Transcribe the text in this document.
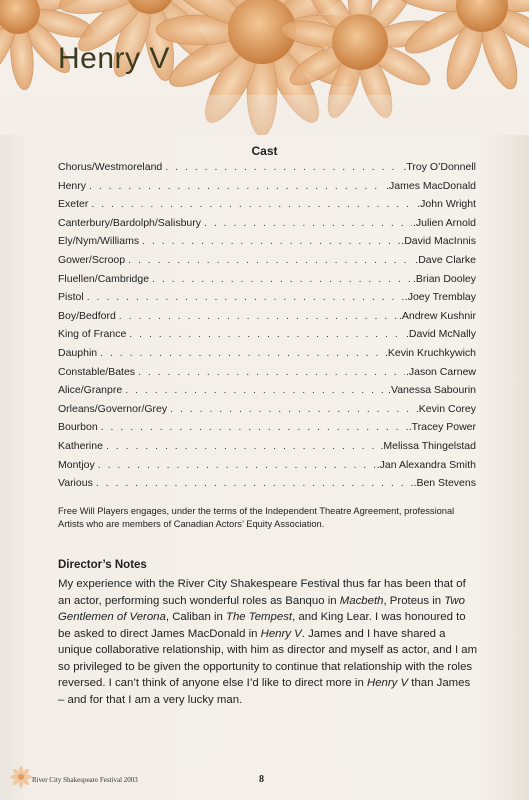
Henry V
Cast
Chorus/Westmoreland . . .	.Troy O’Donnell
Henry . . .	.James MacDonald
Exeter . . .	.John Wright
Canterbury/Bardolph/Salisbury . . .	.Julien Arnold
Ely/Nym/Williams . . .	.David MacInnis
Gower/Scroop . . .	.Dave Clarke
Fluellen/Cambridge . . .	.Brian Dooley
Pistol . . .	.Joey Tremblay
Boy/Bedford . . .	.Andrew Kushnir
King of France . . .	.David McNally
Dauphin . . .	.Kevin Kruchkywich
Constable/Bates . . .	.Jason Carnew
Alice/Granpre . . .	.Vanessa Sabourin
Orleans/Governor/Grey . . .	.Kevin Corey
Bourbon . . .	.Tracey Power
Katherine . . .	.Melissa Thingelstad
Montjoy . . .	.Jan Alexandra Smith
Various . . .	.Ben Stevens
Free Will Players engages, under the terms of the Independent Theatre Agreement, professional Artists who are members of Canadian Actors’ Equity Association.
Director’s Notes
My experience with the River City Shakespeare Festival thus far has been that of an actor, performing such wonderful roles as Banquo in Macbeth, Proteus in Two Gentlemen of Verona, Caliban in The Tempest, and King Lear. I was honoured to be asked to direct James MacDonald in Henry V. James and I have shared a unique collaborative relationship, with him as director and myself as actor, and I am so privileged to be given the opportunity to continue that relationship with the roles reversed. I can’t think of anyone else I’d like to direct more in Henry V than James – and for that I am a very lucky man.
River City Shakespeare Festival 2003	8
